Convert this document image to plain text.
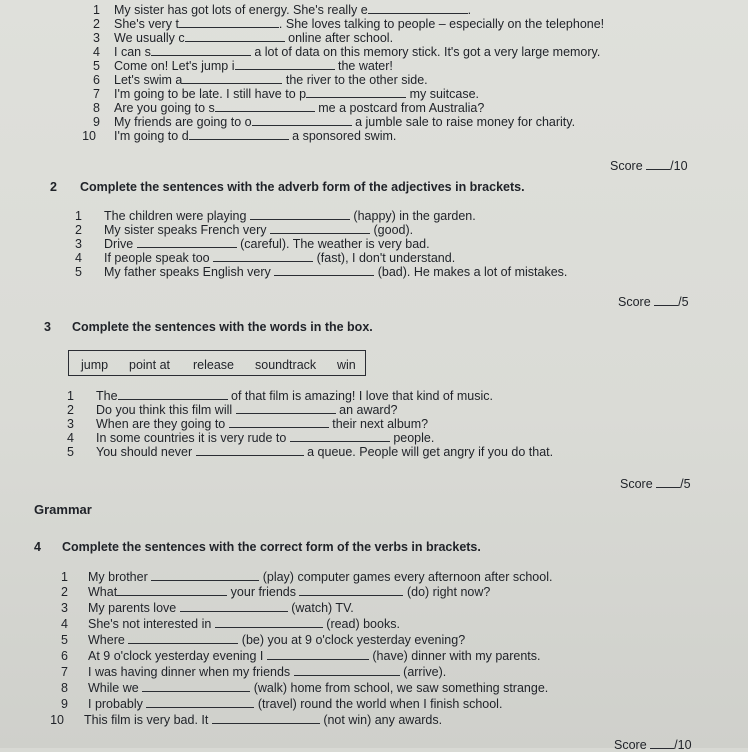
1 My sister has got lots of energy. She's really e	.
2 She's very t	. She loves talking to people – especially on the telephone!
3 We usually c	online after school.
4 I can s	a lot of data on this memory stick. It's got a very large memory.
5 Come on! Let's jump i	the water!
6 Let's swim a	the river to the other side.
7 I'm going to be late. I still have to p	my suitcase.
8 Are you going to s	me a postcard from Australia?
9 My friends are going to o	a jumble sale to raise money for charity.
10 I'm going to d	a sponsored swim.
Score /10
2 Complete the sentences with the adverb form of the adjectives in brackets.
1 The children were playing	(happy) in the garden.
2 My sister speaks French very	(good).
3 Drive	(careful). The weather is very bad.
4 If people speak too	(fast), I don't understand.
5 My father speaks English very	(bad). He makes a lot of mistakes.
Score /5
3 Complete the sentences with the words in the box.
jump point at release soundtrack win
1 The	of that film is amazing! I love that kind of music.
2 Do you think this film will	an award?
3 When are they going to	their next album?
4 In some countries it is very rude to	people.
5 You should never	a queue. People will get angry if you do that.
Score /5
Grammar
4 Complete the sentences with the correct form of the verbs in brackets.
1 My brother	(play) computer games every afternoon after school.
2 What	your friends	(do) right now?
3 My parents love	(watch) TV.
4 She's not interested in	(read) books.
5 Where	(be) you at 9 o'clock yesterday evening?
6 At 9 o'clock yesterday evening I	(have) dinner with my parents.
7 I was having dinner when my friends	(arrive).
8 While we	(walk) home from school, we saw something strange.
9 I probably	(travel) round the world when I finish school.
10 This film is very bad. It	(not win) any awards.
Score /10
